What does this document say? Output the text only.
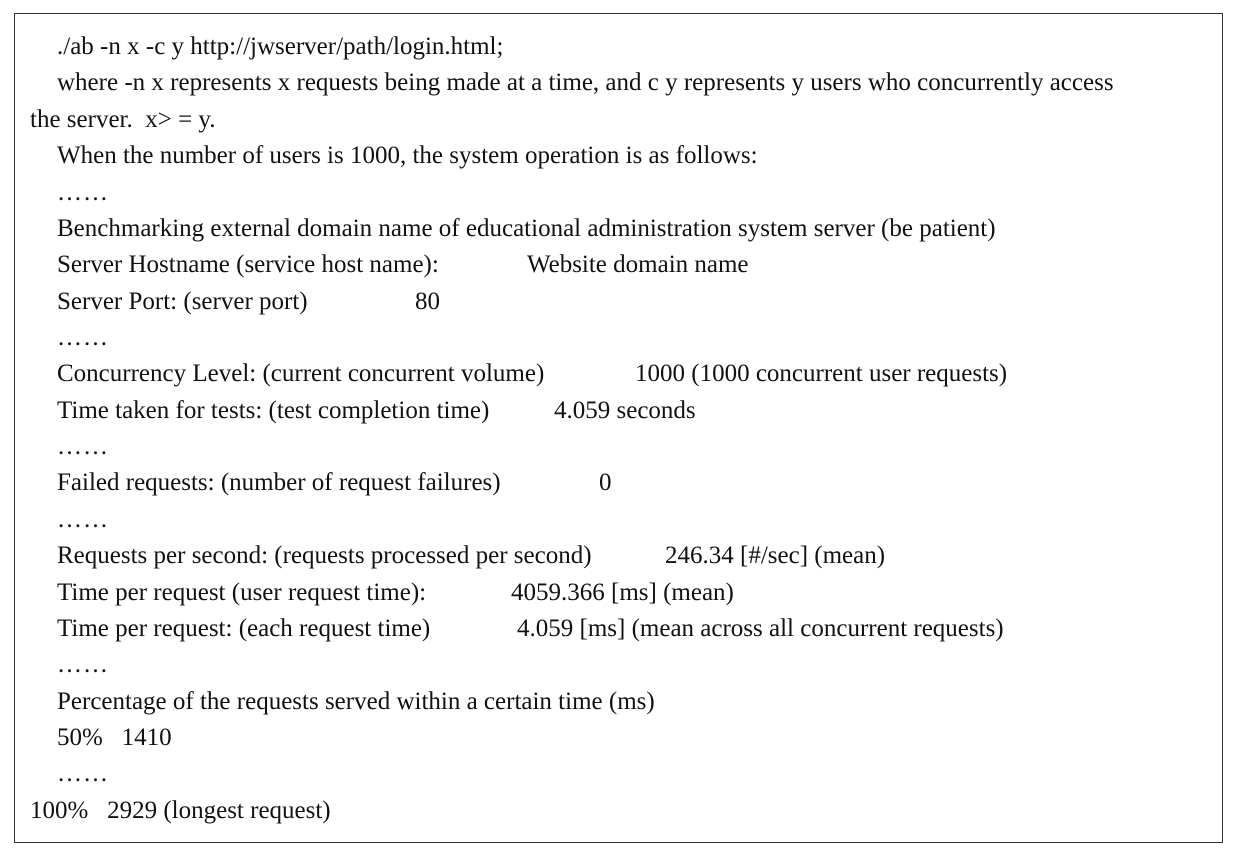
./ab -n x -c y http://jwserver/path/login.html;
where -n x represents x requests being made at a time, and c y represents y users who concurrently access
the server.  x> = y.
When the number of users is 1000, the system operation is as follows:
……
Benchmarking external domain name of educational administration system server (be patient)
Server Hostname (service host name):	Website domain name
Server Port: (server port)	80
……
Concurrency Level: (current concurrent volume)	1000 (1000 concurrent user requests)
Time taken for tests: (test completion time)	4.059 seconds
……
Failed requests: (number of request failures)	0
……
Requests per second: (requests processed per second)	246.34 [#/sec] (mean)
Time per request (user request time):	4059.366 [ms] (mean)
Time per request: (each request time)	4.059 [ms] (mean across all concurrent requests)
……
Percentage of the requests served within a certain time (ms)
50%   1410
……
100%   2929 (longest request)
